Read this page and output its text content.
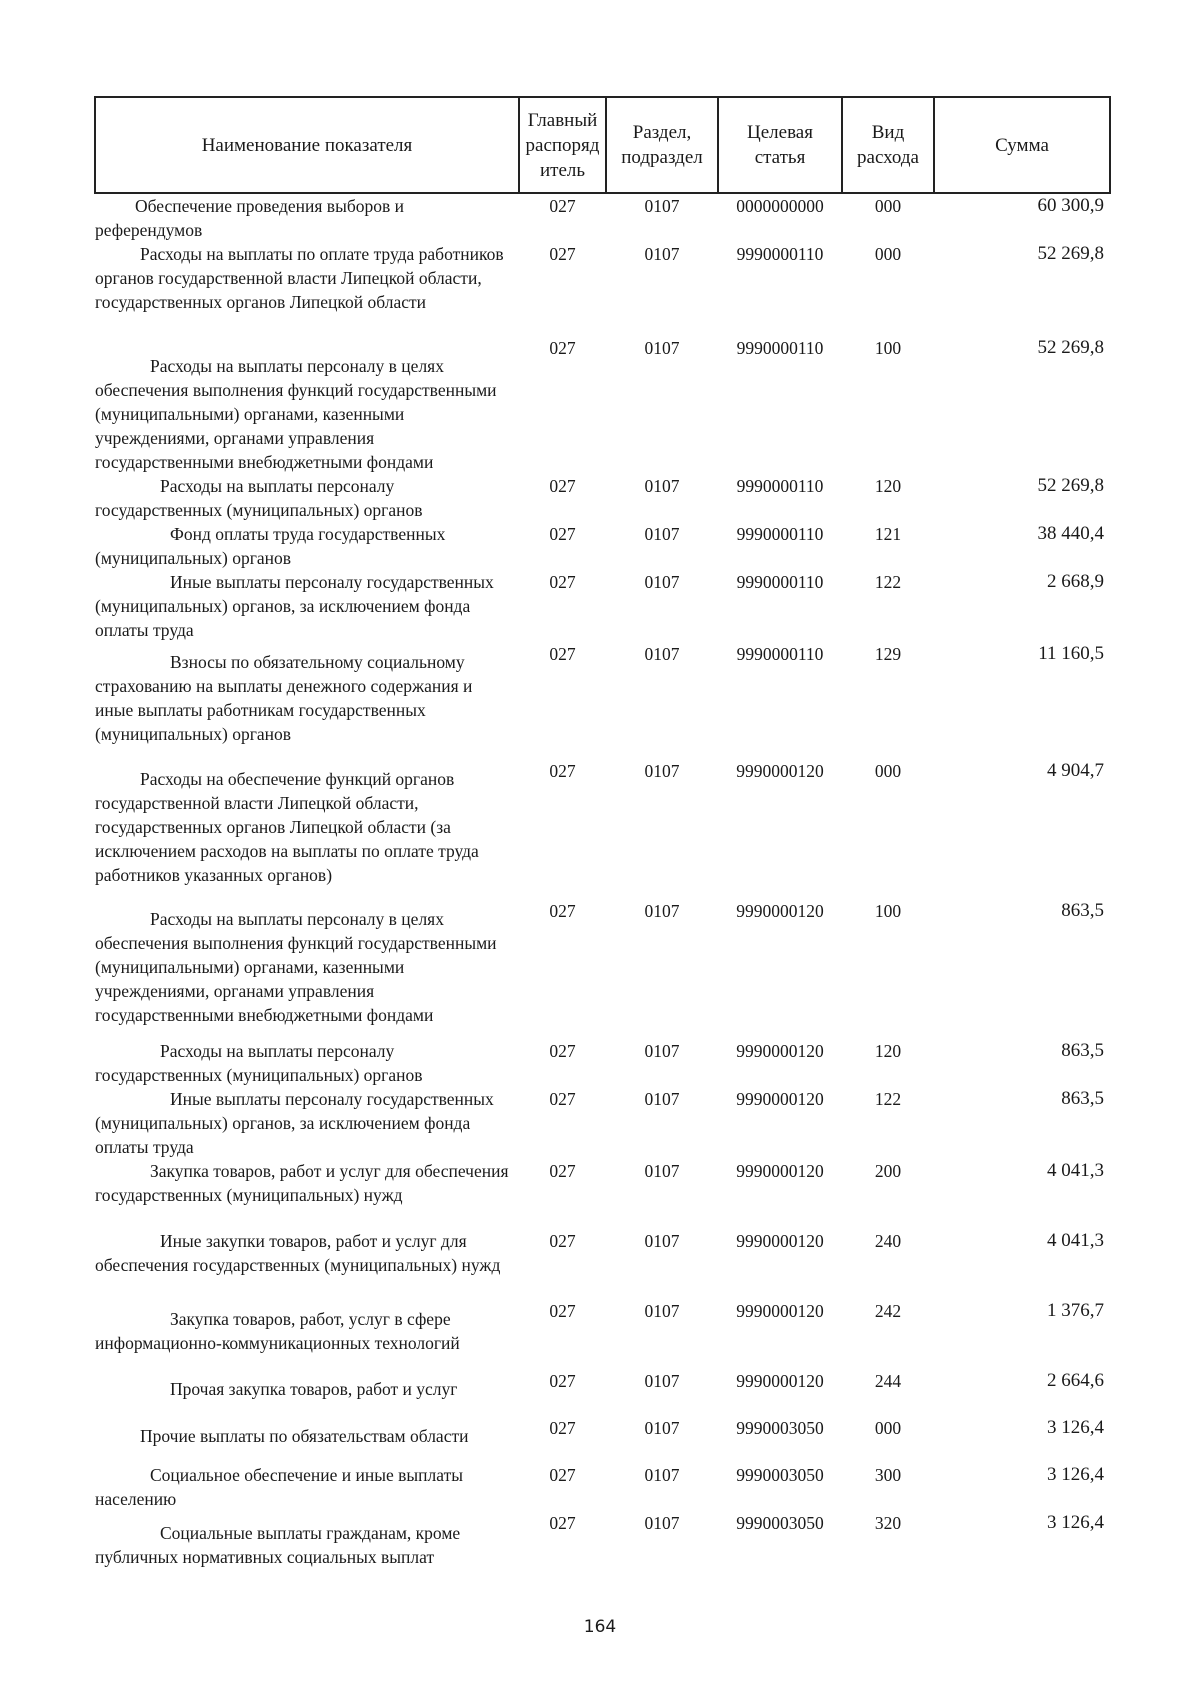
Наименование показателя	Главный распоряд итель	Раздел, подраздел	Целевая статья	Вид расхода	Сумма
Обеспечение проведения выборов и референдумов	027	0107	0000000000	000	60 300,9
Расходы на выплаты по оплате труда работников органов государственной власти Липецкой области, государственных органов Липецкой области	027	0107	9990000110	000	52 269,8
Расходы на выплаты персоналу в целях обеспечения выполнения функций государственными (муниципальными) органами, казенными учреждениями, органами управления государственными внебюджетными фондами	027	0107	9990000110	100	52 269,8
Расходы на выплаты персоналу государственных (муниципальных) органов	027	0107	9990000110	120	52 269,8
Фонд оплаты труда государственных (муниципальных) органов	027	0107	9990000110	121	38 440,4
Иные выплаты персоналу государственных (муниципальных) органов, за исключением фонда оплаты труда	027	0107	9990000110	122	2 668,9
Взносы по обязательному социальному страхованию на выплаты денежного содержания и иные выплаты работникам государственных (муниципальных) органов	027	0107	9990000110	129	11 160,5
Расходы на обеспечение функций органов государственной власти Липецкой области, государственных органов Липецкой области (за исключением расходов на выплаты по оплате труда работников указанных органов)	027	0107	9990000120	000	4 904,7
Расходы на выплаты персоналу в целях обеспечения выполнения функций государственными (муниципальными) органами, казенными учреждениями, органами управления государственными внебюджетными фондами	027	0107	9990000120	100	863,5
Расходы на выплаты персоналу государственных (муниципальных) органов	027	0107	9990000120	120	863,5
Иные выплаты персоналу государственных (муниципальных) органов, за исключением фонда оплаты труда	027	0107	9990000120	122	863,5
Закупка товаров, работ и услуг для обеспечения государственных (муниципальных) нужд	027	0107	9990000120	200	4 041,3
Иные закупки товаров, работ и услуг для обеспечения государственных (муниципальных) нужд	027	0107	9990000120	240	4 041,3
Закупка товаров, работ, услуг в сфере информационно-коммуникационных технологий	027	0107	9990000120	242	1 376,7
Прочая закупка товаров, работ и услуг	027	0107	9990000120	244	2 664,6
Прочие выплаты по обязательствам области	027	0107	9990003050	000	3 126,4
Социальное обеспечение и иные выплаты населению	027	0107	9990003050	300	3 126,4
Социальные выплаты гражданам, кроме публичных нормативных социальных выплат	027	0107	9990003050	320	3 126,4
164
